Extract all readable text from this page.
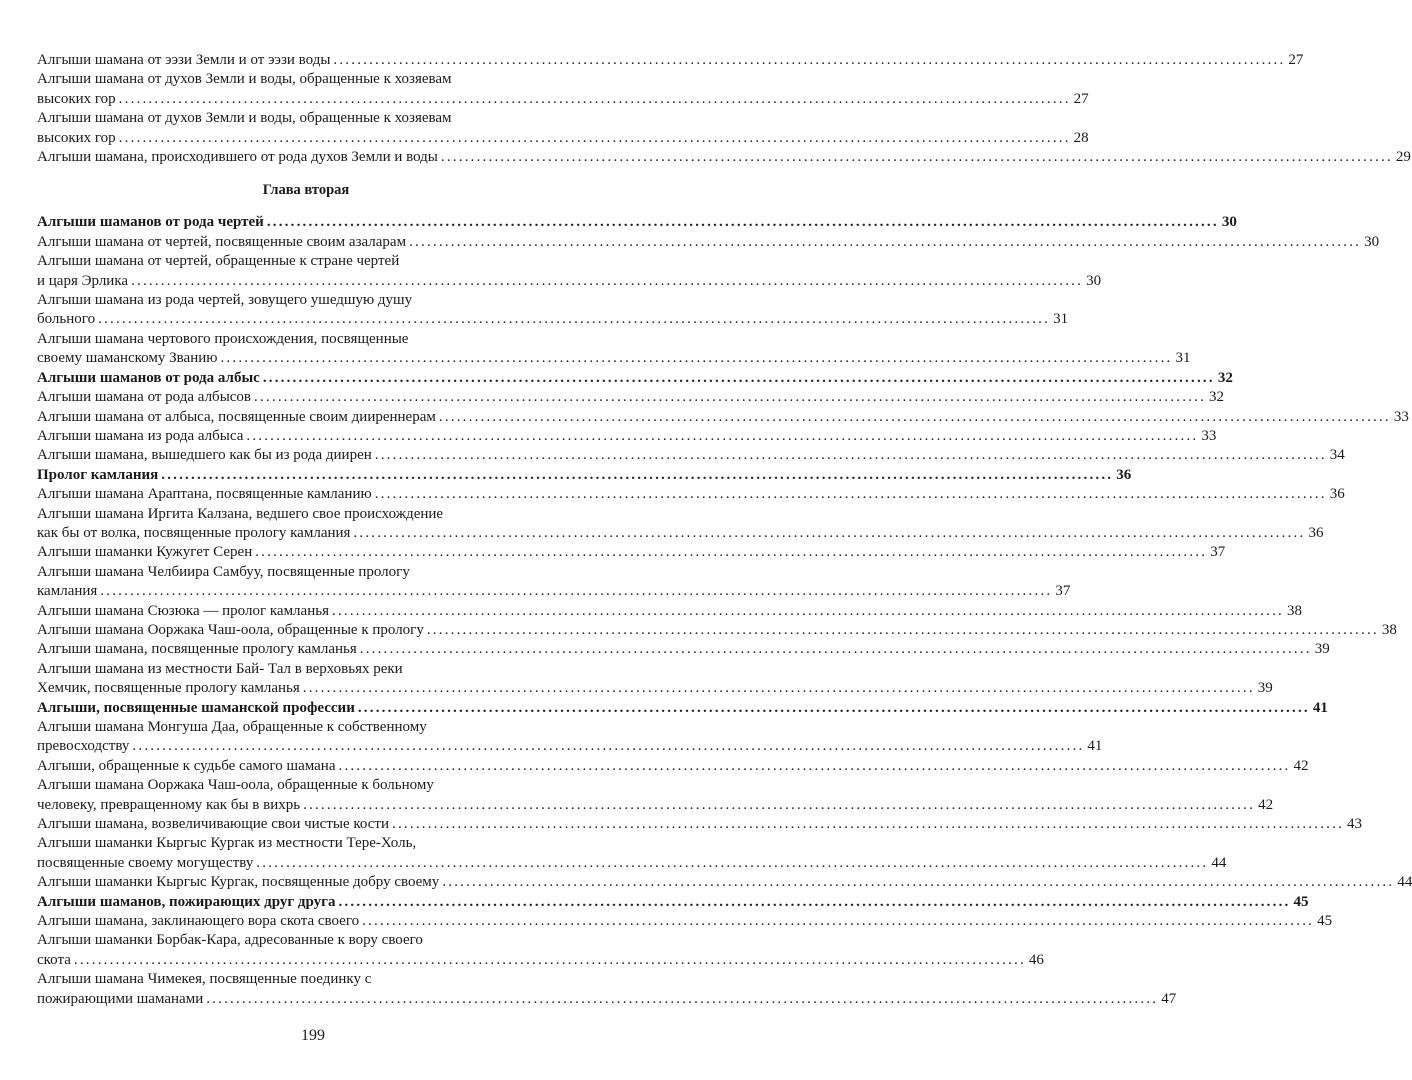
Алгыши шамана от ээзи Земли и от ээзи воды ................................................................................................................................................................ 27
Алгыши шамана от духов Земли и воды, обращенные к хозяевам
высоких гор ................................................................................................................................................................ 27
Алгыши шамана от духов Земли и воды, обращенные к хозяевам
высоких гор ................................................................................................................................................................ 28
Алгыши шамана, происходившего от рода духов Земли и воды ................................................................................................................................................................ 29
Глава вторая
Алгыши шаманов от рода чертей ................................................................................................................................................................ 30
Алгыши шамана от чертей, посвященные своим азаларам ................................................................................................................................................................ 30
Алгыши шамана от чертей, обращенные к стране чертей
и царя Эрлика ................................................................................................................................................................ 30
Алгыши шамана из рода чертей, зовущего ушедшую душу
больного ................................................................................................................................................................ 31
Алгыши шамана чертового происхождения, посвященные
своему шаманскому Званию ................................................................................................................................................................ 31
Алгыши шаманов от рода албыс ................................................................................................................................................................ 32
Алгыши шамана от рода албысов ................................................................................................................................................................ 32
Алгыши шамана от албыса, посвященные своим дииреннерам ................................................................................................................................................................ 33
Алгыши шамана из рода албыса ................................................................................................................................................................ 33
Алгыши шамана, вышедшего как бы из рода диирен ................................................................................................................................................................ 34
Пролог камлания ................................................................................................................................................................ 36
Алгыши шамана Араптана, посвященные камланию ................................................................................................................................................................ 36
Алгыши шамана Иргита Калзана, ведшего свое происхождение
как бы от волка, посвященные прологу камлания ................................................................................................................................................................ 36
Алгыши шаманки Кужугет Серен ................................................................................................................................................................ 37
Алгыши шамана Челбиира Самбуу, посвященные прологу
камлания ................................................................................................................................................................ 37
Алгыши шамана Сюзюка — пролог камланья ................................................................................................................................................................ 38
Алгыши шамана Ооржака Чаш-оола, обращенные к прологу ................................................................................................................................................................ 38
Алгыши шамана, посвященные прологу камланья ................................................................................................................................................................ 39
Алгыши шамана из местности Бай- Тал в верховьях реки
Хемчик, посвященные прологу камланья ................................................................................................................................................................ 39
Алгыши, посвященные шаманской профессии ................................................................................................................................................................ 41
Алгыши шамана Монгуша Даа, обращенные к собственному
превосходству ................................................................................................................................................................ 41
Алгыши, обращенные к судьбе самого шамана ................................................................................................................................................................ 42
Алгыши шамана Ооржака Чаш-оола, обращенные к больному
человеку, превращенному как бы в вихрь ................................................................................................................................................................ 42
Алгыши шамана, возвеличивающие свои чистые кости ................................................................................................................................................................ 43
Алгыши шаманки Кыргыс Кургак из местности Тере-Холь,
посвященные своему могуществу ................................................................................................................................................................ 44
Алгыши шаманки Кыргыс Кургак, посвященные добру своему ................................................................................................................................................................ 44
Алгыши шаманов, пожирающих друг друга ................................................................................................................................................................ 45
Алгыши шамана, заклинающего вора скота своего ................................................................................................................................................................ 45
Алгыши шаманки Борбак-Кара, адресованные к вору своего
скота ................................................................................................................................................................ 46
Алгыши шамана Чимекея, посвященные поединку с
пожирающими шаманами ................................................................................................................................................................ 47
199
